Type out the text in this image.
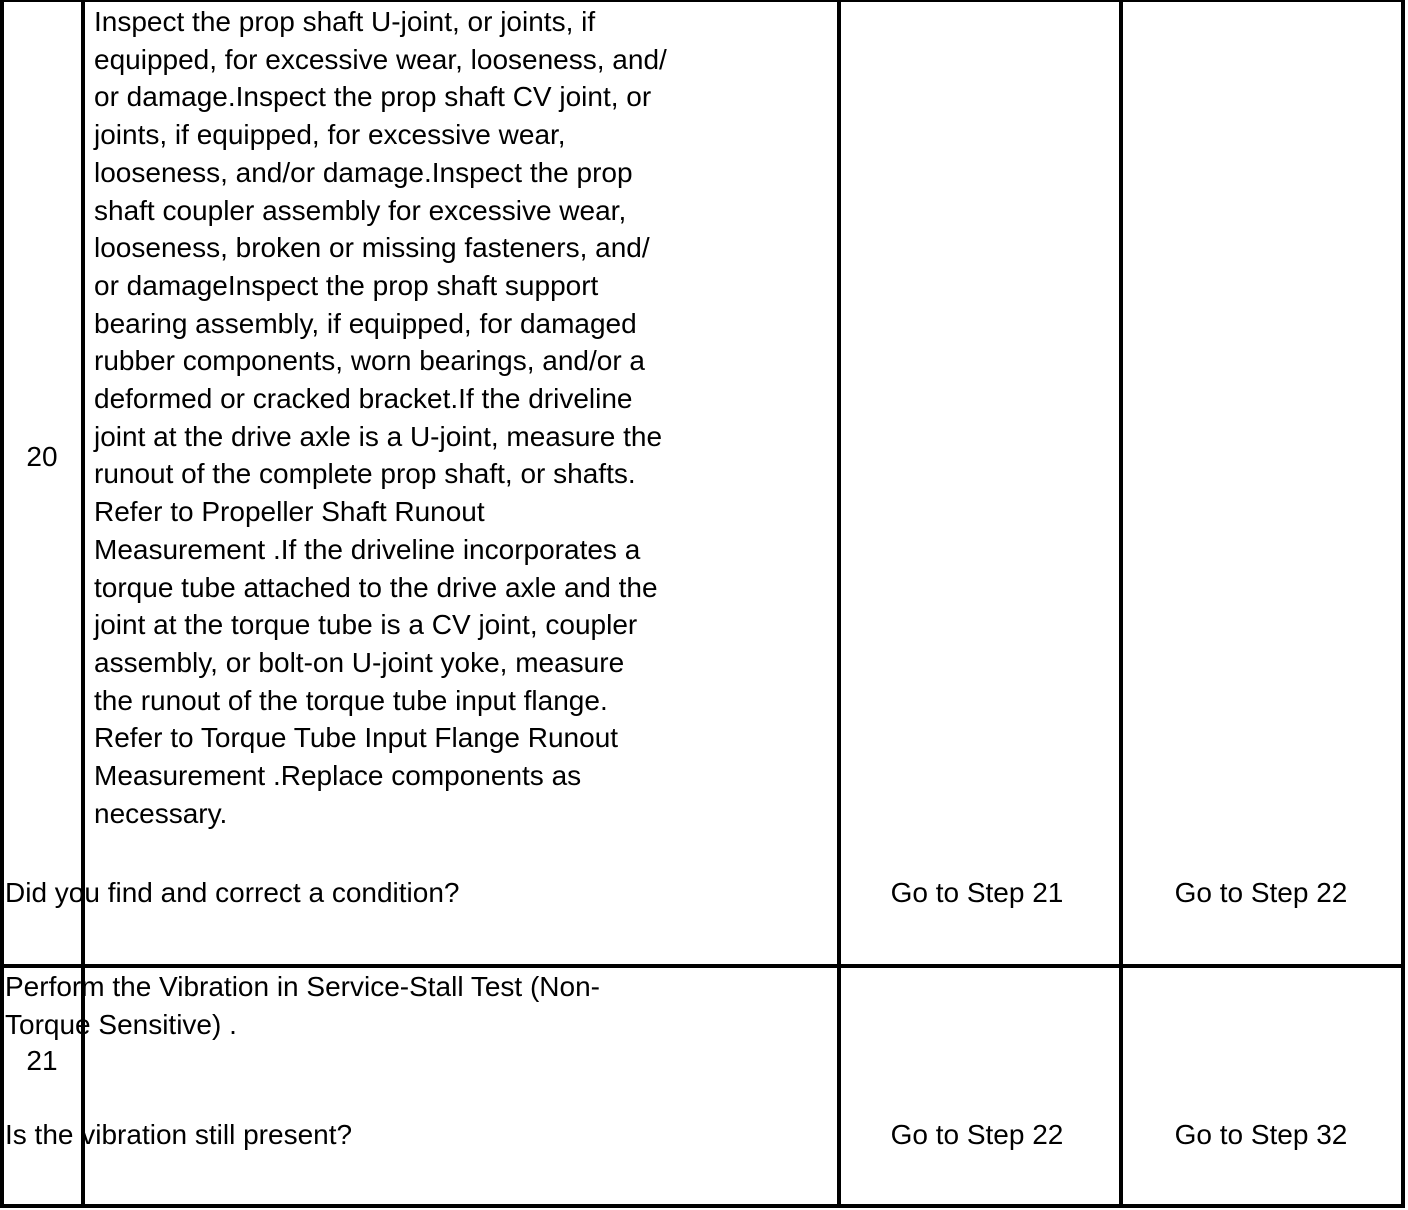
20

Inspect the prop shaft U-joint, or joints, if

equipped, for excessive wear, looseness, and/

or damage.Inspect the prop shaft CV joint, or

joints, if equipped, for excessive wear,

looseness, and/or damage.Inspect the prop

shaft coupler assembly for excessive wear,

looseness, broken or missing fasteners, and/

or damageInspect the prop shaft support

bearing assembly, if equipped, for damaged

rubber components, worn bearings, and/or a

deformed or cracked bracket.If the driveline

joint at the drive axle is a U-joint, measure the

runout of the complete prop shaft, or shafts.

Refer to Propeller Shaft Runout

Measurement .If the driveline incorporates a

torque tube attached to the drive axle and the

joint at the torque tube is a CV joint, coupler

assembly, or bolt-on U-joint yoke, measure

the runout of the torque tube input flange.

Refer to Torque Tube Input Flange Runout

Measurement .Replace components as

necessary.

Did you find and correct a condition?	Go to Step 21	Go to Step 22
21

Perform the Vibration in Service-Stall Test (Non-

Torque Sensitive) .

Is the vibration still present?	Go to Step 22	Go to Step 32
